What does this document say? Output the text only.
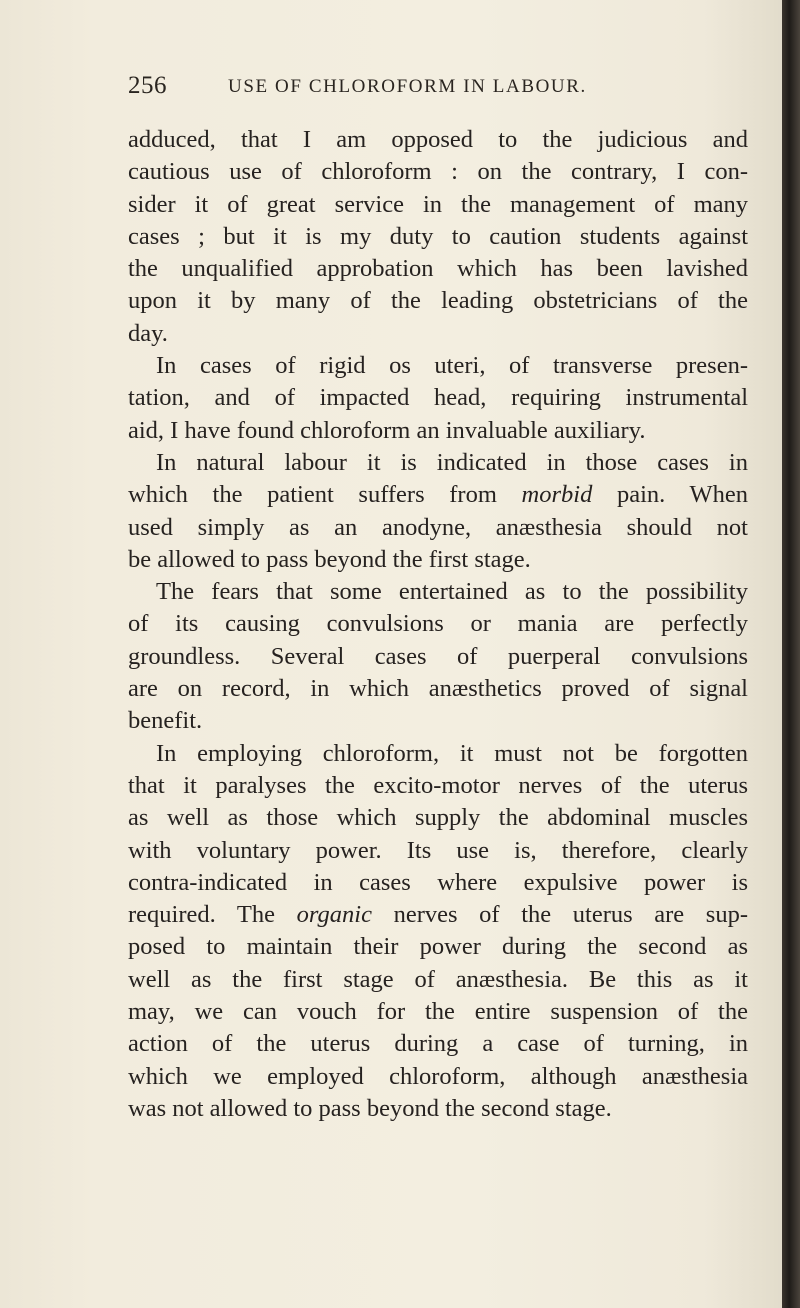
256	USE OF CHLOROFORM IN LABOUR.
adduced, that I am opposed to the judicious and
cautious use of chloroform : on the contrary, I con-
sider it of great service in the management of many
cases ; but it is my duty to caution students against
the unqualified approbation which has been lavished
upon it by many of the leading obstetricians of the
day.
In cases of rigid os uteri, of transverse presen-
tation, and of impacted head, requiring instrumental
aid, I have found chloroform an invaluable auxiliary.
In natural labour it is indicated in those cases in
which the patient suffers from morbid pain. When
used simply as an anodyne, anæsthesia should not
be allowed to pass beyond the first stage.
The fears that some entertained as to the possibility
of its causing convulsions or mania are perfectly
groundless. Several cases of puerperal convulsions
are on record, in which anæsthetics proved of signal
benefit.
In employing chloroform, it must not be forgotten
that it paralyses the excito-motor nerves of the uterus
as well as those which supply the abdominal muscles
with voluntary power. Its use is, therefore, clearly
contra-indicated in cases where expulsive power is
required. The organic nerves of the uterus are sup-
posed to maintain their power during the second as
well as the first stage of anæsthesia. Be this as it
may, we can vouch for the entire suspension of the
action of the uterus during a case of turning, in
which we employed chloroform, although anæsthesia
was not allowed to pass beyond the second stage.
